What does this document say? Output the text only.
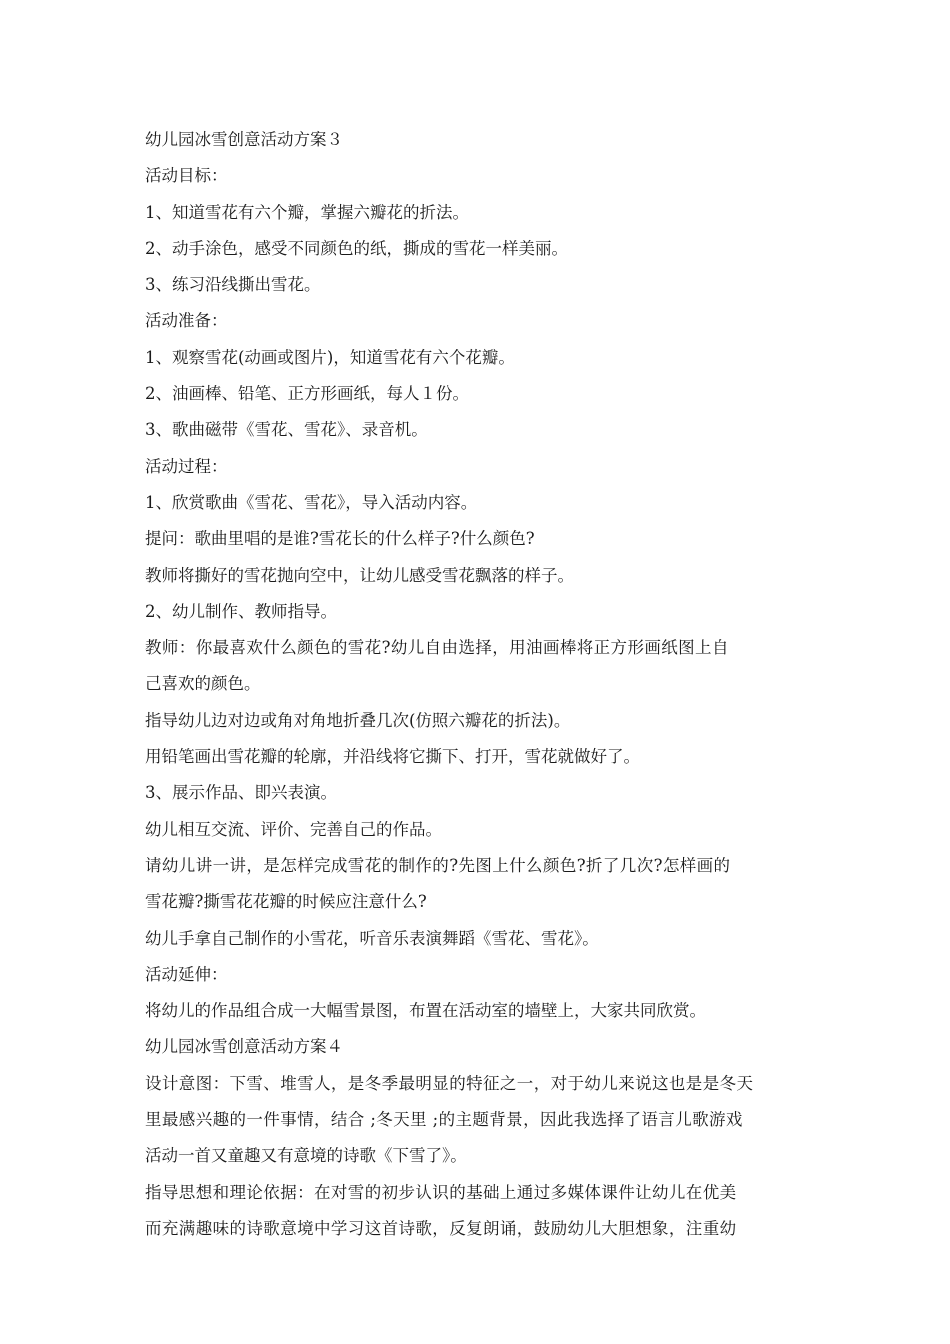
幼儿园冰雪创意活动方案３
活动目标：
1、知道雪花有六个瓣，掌握六瓣花的折法。
2、动手涂色，感受不同颜色的纸，撕成的雪花一样美丽。
3、练习沿线撕出雪花。
活动准备：
1、观察雪花(动画或图片)，知道雪花有六个花瓣。
2、油画棒、铅笔、正方形画纸，每人１份。
3、歌曲磁带《雪花、雪花》、录音机。
活动过程：
1、欣赏歌曲《雪花、雪花》，导入活动内容。
提问：歌曲里唱的是谁?雪花长的什么样子?什么颜色?
教师将撕好的雪花抛向空中，让幼儿感受雪花飘落的样子。
2、幼儿制作、教师指导。
教师：你最喜欢什么颜色的雪花?幼儿自由选择，用油画棒将正方形画纸图上自
己喜欢的颜色。
指导幼儿边对边或角对角地折叠几次(仿照六瓣花的折法)。
用铅笔画出雪花瓣的轮廓，并沿线将它撕下、打开，雪花就做好了。
3、展示作品、即兴表演。
幼儿相互交流、评价、完善自己的作品。
请幼儿讲一讲，是怎样完成雪花的制作的?先图上什么颜色?折了几次?怎样画的
雪花瓣?撕雪花花瓣的时候应注意什么?
幼儿手拿自己制作的小雪花，听音乐表演舞蹈《雪花、雪花》。
活动延伸：
将幼儿的作品组合成一大幅雪景图，布置在活动室的墙壁上，大家共同欣赏。
幼儿园冰雪创意活动方案４
设计意图：下雪、堆雪人，是冬季最明显的特征之一，对于幼儿来说这也是是冬天
里最感兴趣的一件事情，结合 ;冬天里 ;的主题背景，因此我选择了语言儿歌游戏
活动一首又童趣又有意境的诗歌《下雪了》。
指导思想和理论依据：在对雪的初步认识的基础上通过多媒体课件让幼儿在优美
而充满趣味的诗歌意境中学习这首诗歌，反复朗诵，鼓励幼儿大胆想象，注重幼
